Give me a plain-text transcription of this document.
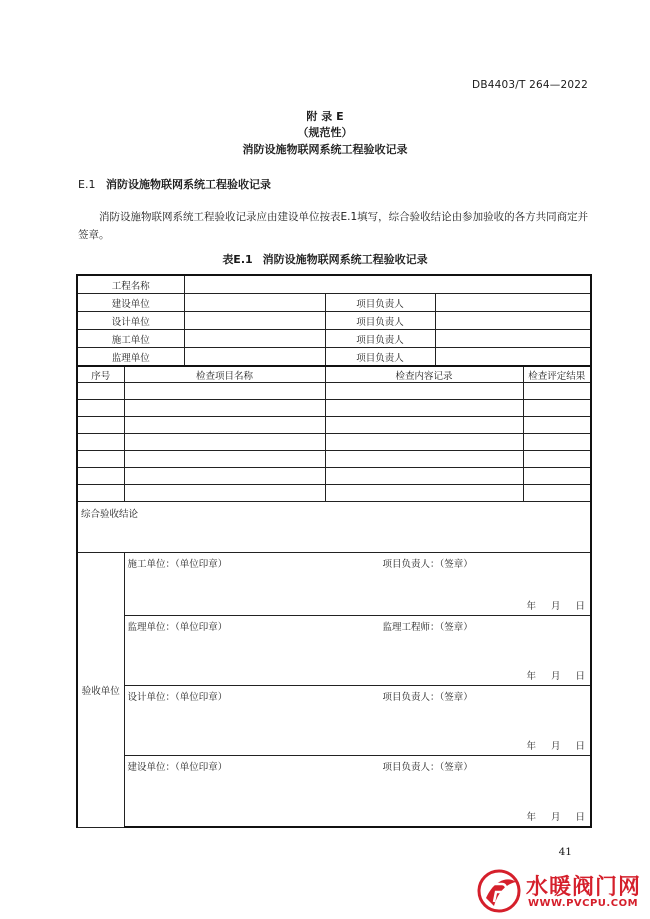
DB4403/T 264—2022
附 录 E
（规范性）
消防设施物联网系统工程验收记录
E.1 消防设施物联网系统工程验收记录
消防设施物联网系统工程验收记录应由建设单位按表E.1填写，综合验收结论由参加验收的各方共同商定并签章。
表E.1 消防设施物联网系统工程验收记录
工程名称					
建设单位			项目负责人		
设计单位			项目负责人		
施工单位			项目负责人		
监理单位			项目负责人		
序号	检查项目名称		检查内容记录		检查评定结果

综合验收结论					
验收单位	施工单位：（单位印章） 项目负责人：（签章）
年 月 日				

	监理单位：（单位印章） 监理工程师：（签章）
年 月 日				

	设计单位：（单位印章） 项目负责人：（签章）
年 月 日				

	建设单位：（单位印章） 项目负责人：（签章）
年 月 日				
41
水暖阀门网
WWW.PVCPU.COM
